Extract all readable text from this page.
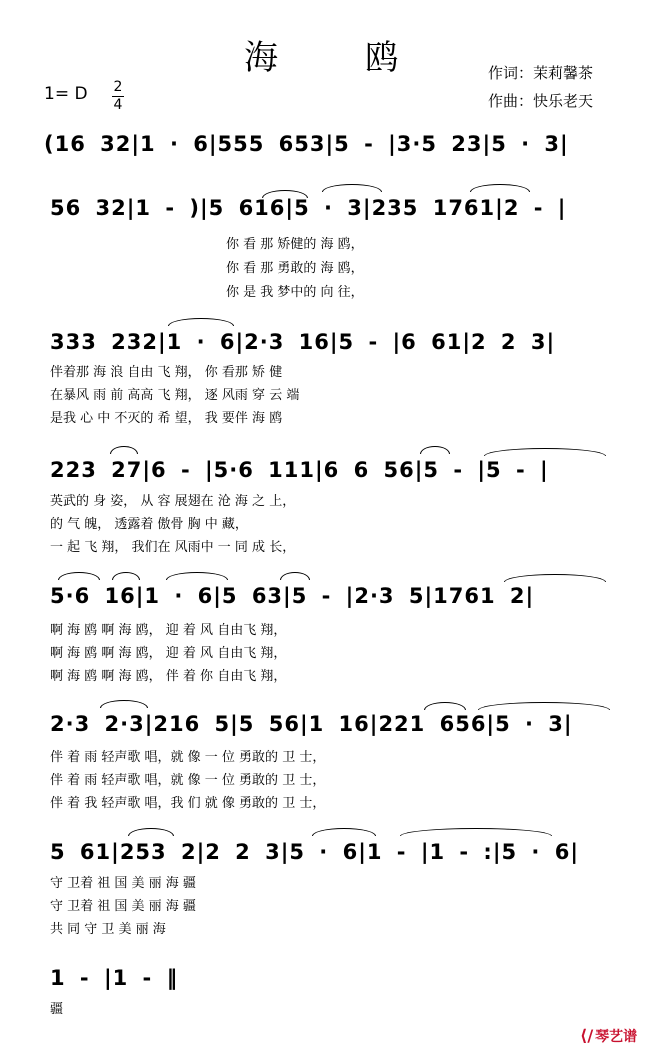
海 鸥	作词：茉莉馨茶
作曲：快乐老天
1= D 2
4
(16 32|1 · 6|555 653|5 - |3·5 23|5 · 3|
56 32|1 - )|5 616|5 · 3|235 1761|2 - |
你 看 那 矫健的 海 鸥，
你 看 那 勇敢的 海 鸥，
你 是 我 梦中的 向 往，
333 232|1 · 6|2·3 16|5 - |6 61|2 2 3|
伴着那 海 浪 自由 飞 翔， 你 看那 矫 健
在暴风 雨 前 高高 飞 翔， 逐 风雨 穿 云 端
是我 心 中 不灭的 希 望， 我 要伴 海 鸥
223 27|6 - |5·6 111|6 6 56|5 - |5 - |
英武的 身 姿， 从 容 展翅在 沧 海 之 上，
的 气 魄， 透露着 傲骨 胸 中 藏，
一 起 飞 翔， 我们在 风雨中 一 同 成 长，
5·6 16|1 · 6|5 63|5 - |2·3 5|1761 2|
啊 海 鸥 啊 海 鸥， 迎 着 风 自由飞 翔，
啊 海 鸥 啊 海 鸥， 迎 着 风 自由飞 翔，
啊 海 鸥 啊 海 鸥， 伴 着 你 自由飞 翔，
2·3 2·3|216 5|5 56|1 16|221 656|5 · 3|
伴 着 雨 轻声歌 唱，就 像 一 位 勇敢的 卫 士，
伴 着 雨 轻声歌 唱，就 像 一 位 勇敢的 卫 士，
伴 着 我 轻声歌 唱，我 们 就 像 勇敢的 卫 士，
5 61|253 2|2 2 3|5 · 6|1 - |1 - :|5 · 6|
守 卫着 祖 国 美 丽 海 疆
守 卫着 祖 国 美 丽 海 疆
共 同 守 卫 美 丽 海
1 - |1 - ‖
疆
⟨/ 琴艺谱
